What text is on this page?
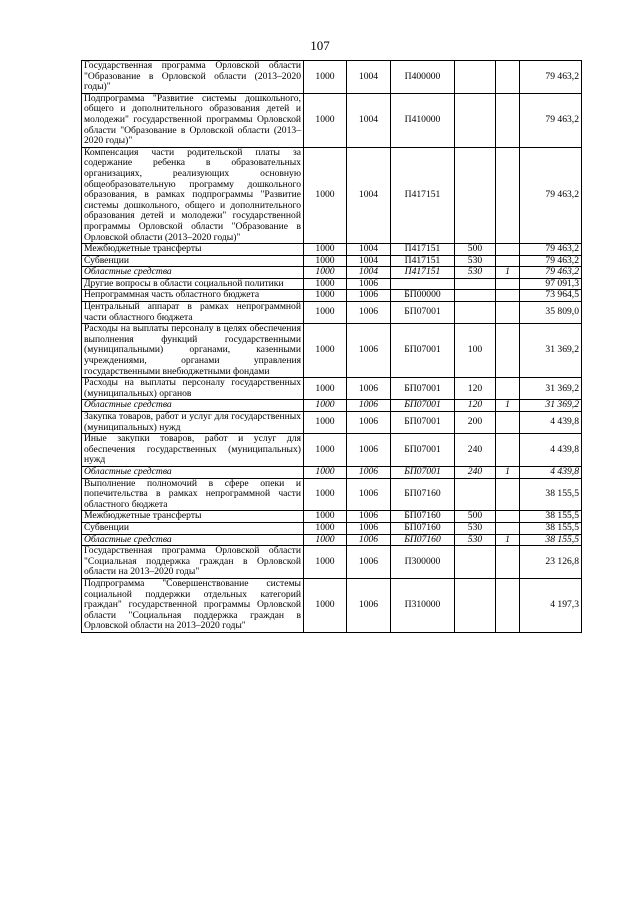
107
Государственная программа Орловской области "Образование в Орловской области (2013–2020 годы)"	1000	1004	П400000			79 463,2
Подпрограмма "Развитие системы дошкольного, общего и дополнительного образования детей и молодежи" государственной программы Орловской области "Образование в Орловской области (2013–2020 годы)"	1000	1004	П410000			79 463,2
Компенсация части родительской платы за содержание ребенка в образовательных организациях, реализующих основную общеобразовательную программу дошкольного образования, в рамках подпрограммы "Развитие системы дошкольного, общего и дополнительного образования детей и молодежи" государственной программы Орловской области "Образование в Орловской области (2013–2020 годы)"	1000	1004	П417151			79 463,2
Межбюджетные трансферты	1000	1004	П417151	500		79 463,2
Субвенции	1000	1004	П417151	530		79 463,2
Областные средства	1000	1004	П417151	530	1	79 463,2
Другие вопросы в области социальной политики	1000	1006				97 091,3
Непрограммная часть областного бюджета	1000	1006	БП00000			73 964,5
Центральный аппарат в рамках непрограммной части областного бюджета	1000	1006	БП07001			35 809,0
Расходы на выплаты персоналу в целях обеспечения выполнения функций государственными (муниципальными) органами, казенными учреждениями, органами управления государственными внебюджетными фондами	1000	1006	БП07001	100		31 369,2
Расходы на выплаты персоналу государственных (муниципальных) органов	1000	1006	БП07001	120		31 369,2
Областные средства	1000	1006	БП07001	120	1	31 369,2
Закупка товаров, работ и услуг для государственных (муниципальных) нужд	1000	1006	БП07001	200		4 439,8
Иные закупки товаров, работ и услуг для обеспечения государственных (муниципальных) нужд	1000	1006	БП07001	240		4 439,8
Областные средства	1000	1006	БП07001	240	1	4 439,8
Выполнение полномочий в сфере опеки и попечительства в рамках непрограммной части областного бюджета	1000	1006	БП07160			38 155,5
Межбюджетные трансферты	1000	1006	БП07160	500		38 155,5
Субвенции	1000	1006	БП07160	530		38 155,5
Областные средства	1000	1006	БП07160	530	1	38 155,5
Государственная программа Орловской области "Социальная поддержка граждан в Орловской области на 2013–2020 годы"	1000	1006	П300000			23 126,8
Подпрограмма "Совершенствование системы социальной поддержки отдельных категорий граждан" государственной программы Орловской области "Социальная поддержка граждан в Орловской области на 2013–2020 годы"	1000	1006	П310000			4 197,3
